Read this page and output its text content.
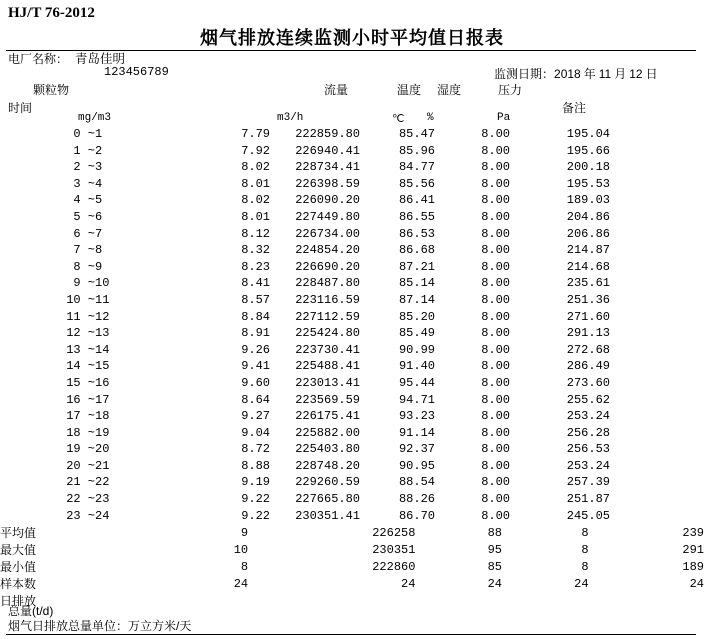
HJ/T 76-2012
烟气排放连续监测小时平均值日报表
电厂名称： 青岛佳明
123456789	监测日期：2018 年 11 月 12 日
颗粒物	流量	温度 湿度	压力
时间	备注
mg/m3	m3/h	℃ %	Pa
0 ~	1	7.79	222859.80	85.47	8.00	195.04	
1 ~	2	7.92	226940.41	85.96	8.00	195.66	
2 ~	3	8.02	228734.41	84.77	8.00	200.18	
3 ~	4	8.01	226398.59	85.56	8.00	195.53	
4 ~	5	8.02	226090.20	86.41	8.00	189.03	
5 ~	6	8.01	227449.80	86.55	8.00	204.86	
6 ~	7	8.12	226734.00	86.53	8.00	206.86	
7 ~	8	8.32	224854.20	86.68	8.00	214.87	
8 ~	9	8.23	226690.20	87.21	8.00	214.68	
9 ~	10	8.41	228487.80	85.14	8.00	235.61	
10 ~	11	8.57	223116.59	87.14	8.00	251.36	
11 ~	12	8.84	227112.59	85.20	8.00	271.60	
12 ~	13	8.91	225424.80	85.49	8.00	291.13	
13 ~	14	9.26	223730.41	90.99	8.00	272.68	
14 ~	15	9.41	225488.41	91.40	8.00	286.49	
15 ~	16	9.60	223013.41	95.44	8.00	273.60	
16 ~	17	8.64	223569.59	94.71	8.00	255.62	
17 ~	18	9.27	226175.41	93.23	8.00	253.24	
18 ~	19	9.04	225882.00	91.14	8.00	256.28	
19 ~	20	8.72	225403.80	92.37	8.00	256.53	
20 ~	21	8.88	228748.20	90.95	8.00	253.24	
21 ~	22	9.19	229260.59	88.54	8.00	257.39	
22 ~	23	9.22	227665.80	88.26	8.00	251.87	
23 ~	24	9.22	230351.41	86.70	8.00	245.05	
平均值	9	226258	88	8	239
最大值	10	230351	95	8	291
最小值	8	222860	85	8	189
样本数	24	24	24	24	24
日排放					
总量(t/d)
烟气日排放总量单位：万立方米/天
